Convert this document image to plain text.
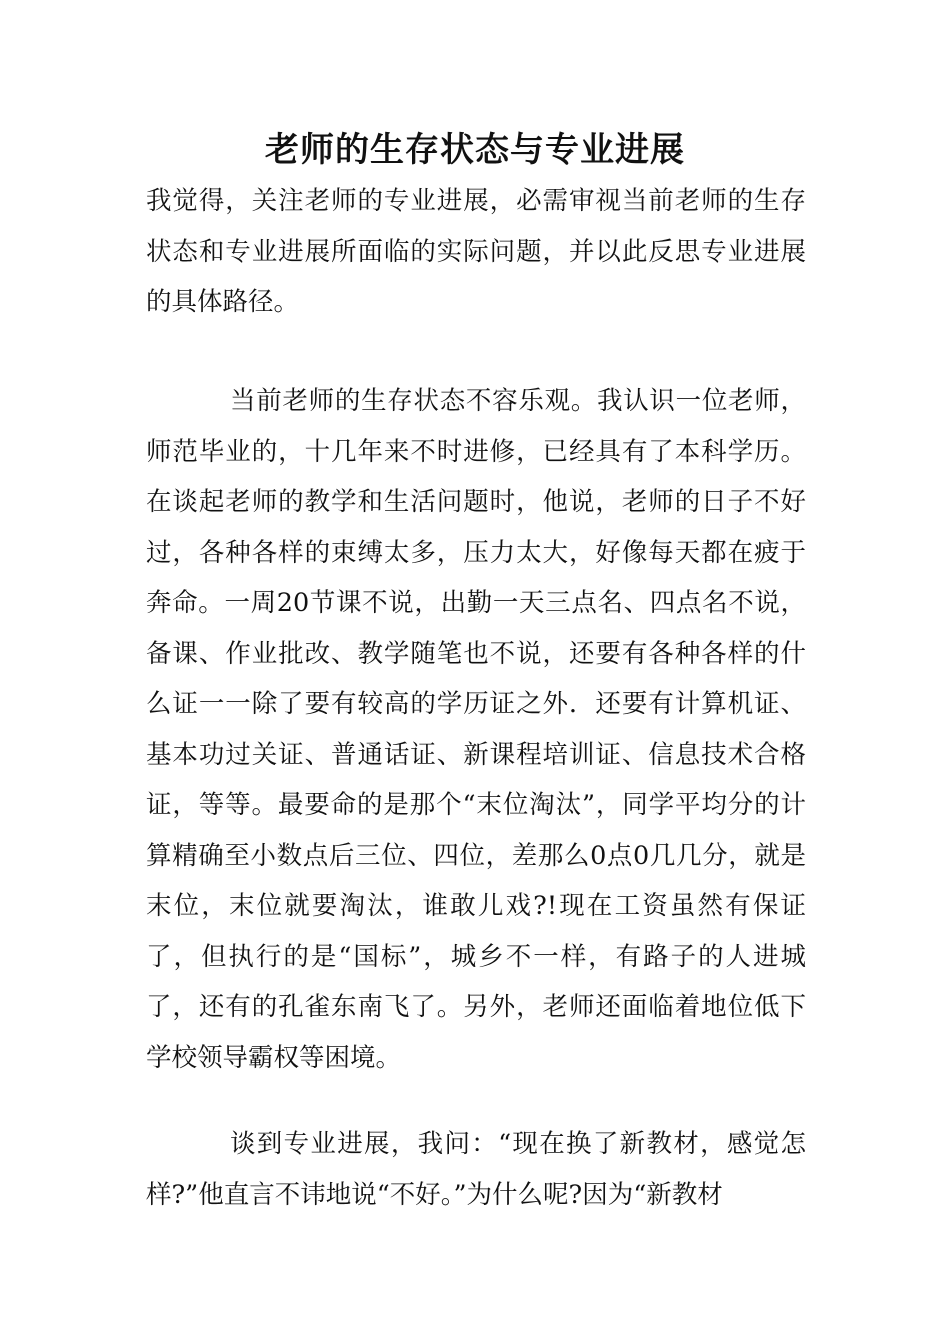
老师的生存状态与专业进展

我觉得，关注老师的专业进展，必需审视当前老师的生存状态和专业进展所面临的实际问题，并以此反思专业进展的具体路径。

当前老师的生存状态不容乐观。我认识一位老师，师范毕业的，十几年来不时进修，已经具有了本科学历。在谈起老师的教学和生活问题时，他说，老师的日子不好过，各种各样的束缚太多，压力太大，好像每天都在疲于奔命。一周20节课不说，出勤一天三点名、四点名不说，备课、作业批改、教学随笔也不说，还要有各种各样的什么证一一除了要有较高的学历证之外．还要有计算机证、基本功过关证、普通话证、新课程培训证、信息技术合格证，等等。最要命的是那个“末位淘汰”，同学平均分的计算精确至小数点后三位、四位，差那么0点0几几分，就是末位，末位就要淘汰，谁敢儿戏?!现在工资虽然有保证了，但执行的是“国标”，城乡不一样，有路子的人进城了，还有的孔雀东南飞了。另外，老师还面临着地位低下学校领导霸权等困境。

谈到专业进展，我问：“现在换了新教材，感觉怎样?”他直言不讳地说“不好。”为什么呢?因为“新教材
